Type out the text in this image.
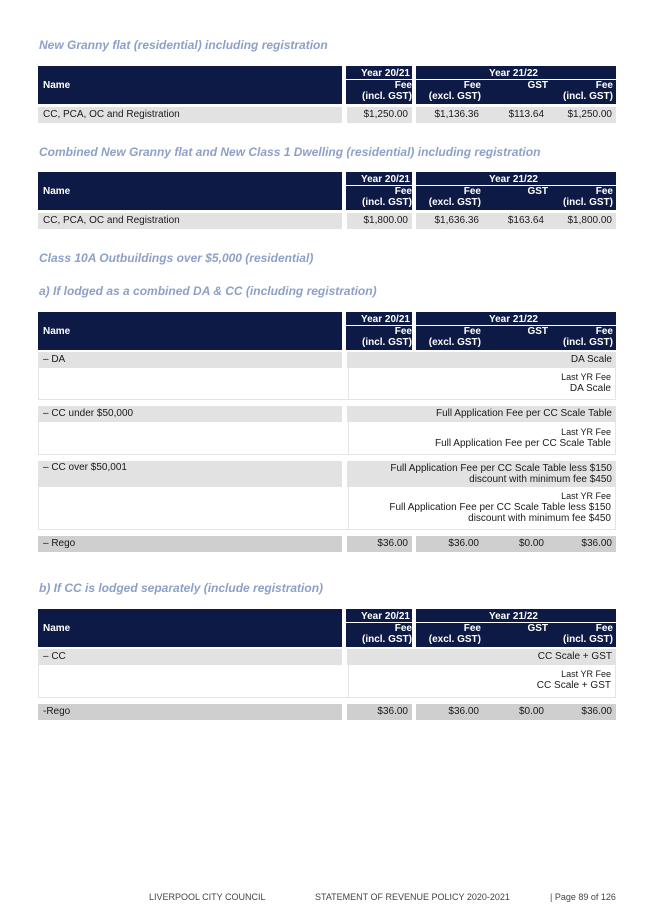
New Granny flat (residential) including registration
Name
Year 20/21	Year 21/22
Fee
(incl. GST)
Fee
(excl. GST)
GST	Fee
(incl. GST)
CC, PCA, OC and Registration	$1,250.00	$1,136.36	$113.64	$1,250.00
Combined New Granny flat and New Class 1 Dwelling (residential) including registration
Name
Year 20/21	Year 21/22
Fee
(incl. GST)
Fee
(excl. GST)
GST	Fee
(incl. GST)
CC, PCA, OC and Registration	$1,800.00	$1,636.36	$163.64	$1,800.00
Class 10A Outbuildings over $5,000 (residential)
a) If lodged as a combined DA & CC (including registration)
Name
Year 20/21	Year 21/22
Fee
(incl. GST)
Fee
(excl. GST)
GST	Fee
(incl. GST)
– DA	DA Scale
Last YR Fee
DA Scale
– CC under $50,000	Full Application Fee per CC Scale Table
Last YR Fee
Full Application Fee per CC Scale Table
– CC over $50,001	Full Application Fee per CC Scale Table less $150
discount with minimum fee $450
Last YR Fee
Full Application Fee per CC Scale Table less $150
discount with minimum fee $450
– Rego	$36.00	$36.00	$0.00	$36.00
b) If CC is lodged separately (include registration)
Name
Year 20/21	Year 21/22
Fee
(incl. GST)
Fee
(excl. GST)
GST	Fee
(incl. GST)
– CC	CC Scale + GST
Last YR Fee
CC Scale + GST
-Rego	$36.00	$36.00	$0.00	$36.00
LIVERPOOL CITY COUNCIL	STATEMENT OF REVENUE POLICY 2020-2021	| Page 89 of 126
